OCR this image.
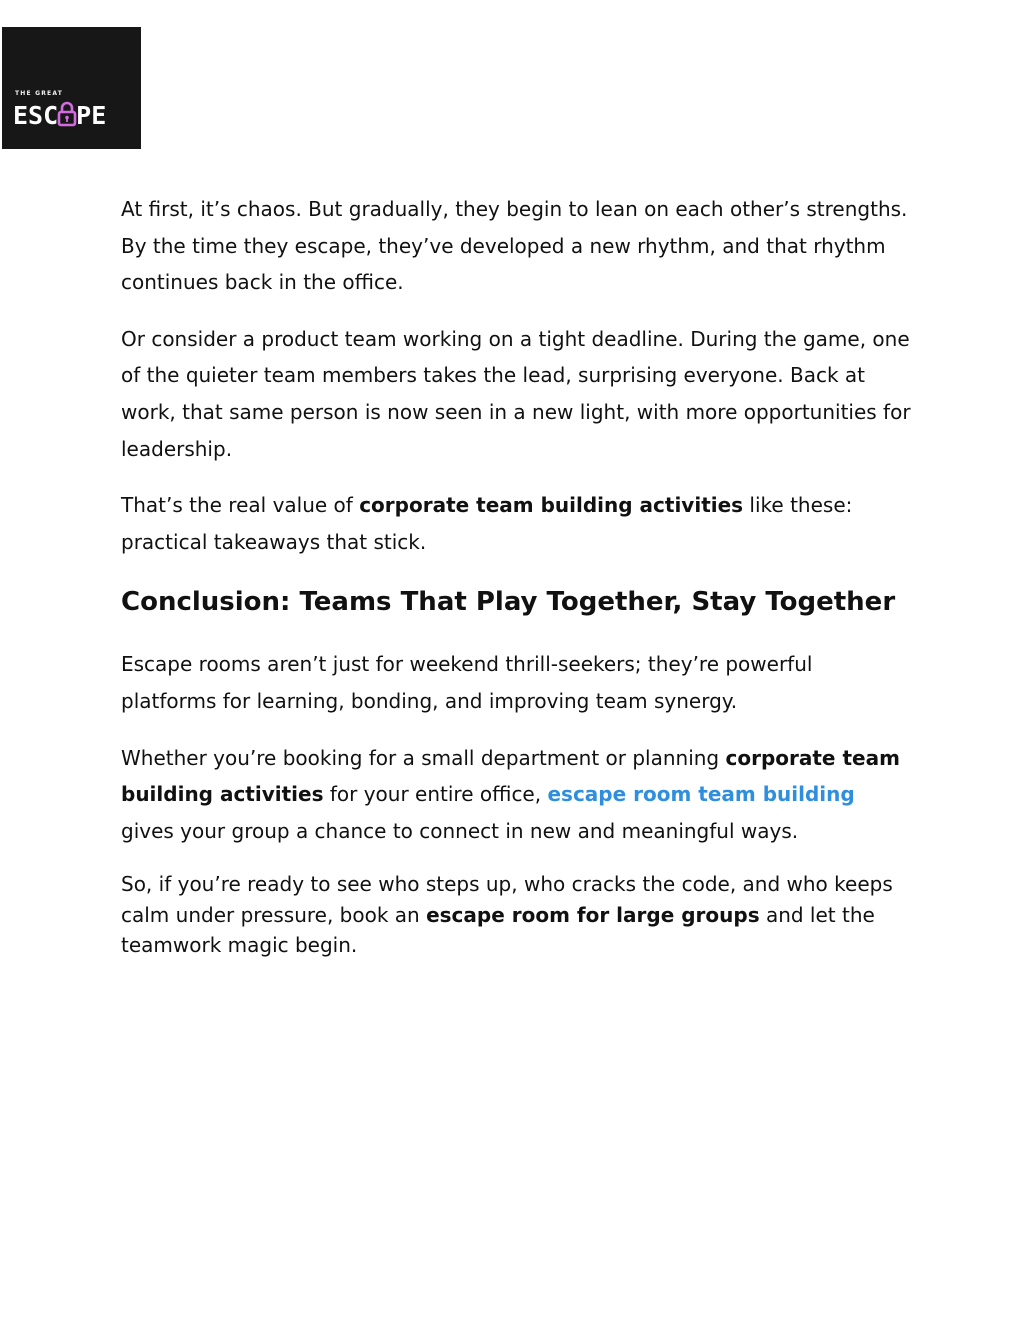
THE GREAT
ESC PE

At first, it’s chaos. But gradually, they begin to lean on each other’s strengths. By the time they escape, they’ve developed a new rhythm, and that rhythm continues back in the office.

Or consider a product team working on a tight deadline. During the game, one of the quieter team members takes the lead, surprising everyone. Back at work, that same person is now seen in a new light, with more opportunities for leadership.

That’s the real value of corporate team building activities like these: practical takeaways that stick.

Conclusion: Teams That Play Together, Stay Together

Escape rooms aren’t just for weekend thrill-seekers; they’re powerful platforms for learning, bonding, and improving team synergy.

Whether you’re booking for a small department or planning corporate team building activities for your entire office, escape room team building gives your group a chance to connect in new and meaningful ways.

So, if you’re ready to see who steps up, who cracks the code, and who keeps calm under pressure, book an escape room for large groups and let the teamwork magic begin.
